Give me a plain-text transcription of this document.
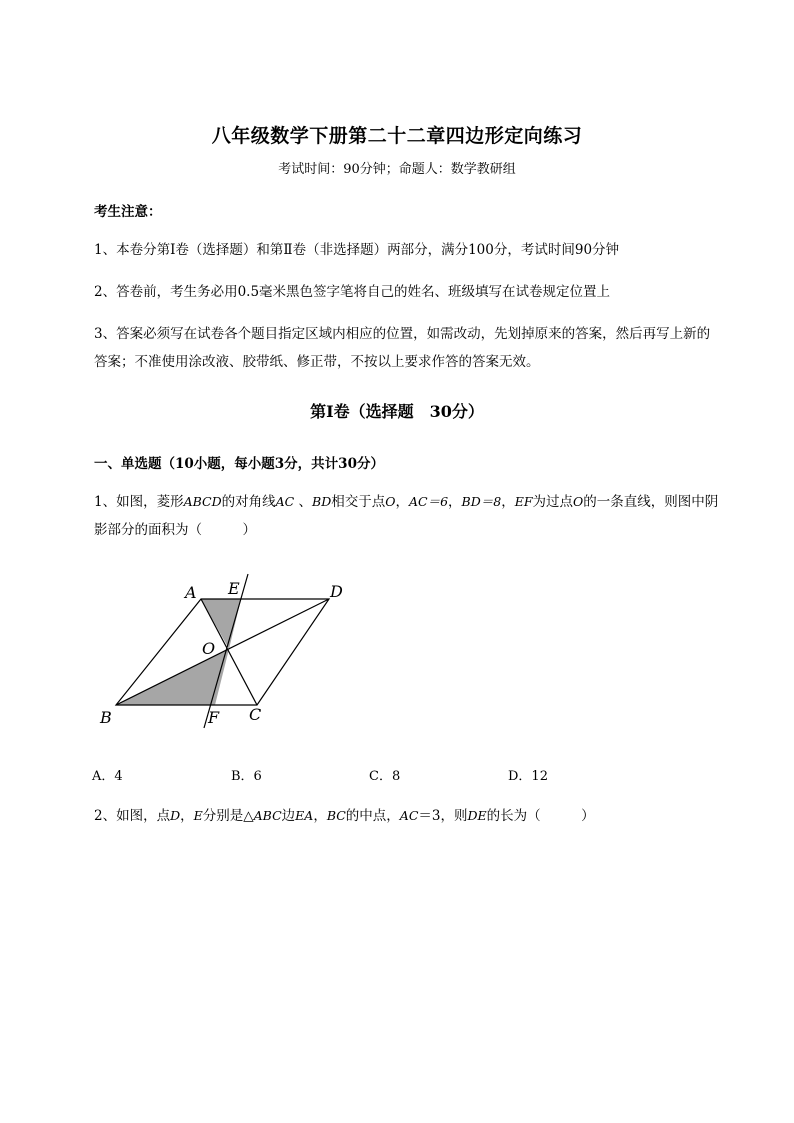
八年级数学下册第二十二章四边形定向练习
考试时间：90分钟；命题人：数学教研组
考生注意：
1、本卷分第I卷（选择题）和第Ⅱ卷（非选择题）两部分，满分100分，考试时间90分钟
2、答卷前，考生务必用0.5毫米黑色签字笔将自己的姓名、班级填写在试卷规定位置上
3、答案必须写在试卷各个题目指定区域内相应的位置，如需改动，先划掉原来的答案，然后再写上新的答案；不准使用涂改液、胶带纸、修正带，不按以上要求作答的答案无效。
第I卷（选择题　30分）
一、单选题（10小题，每小题3分，共计30分）
1、如图，菱形ABCD的对角线AC 、BD相交于点O，AC＝6，BD＝8，EF为过点O的一条直线，则图中阴影部分的面积为（　　　）
A E	D
O
B	F C
A．4	B．6	C．8	D．12
2、如图，点D，E分别是△ABC边EA，BC的中点，AC＝3，则DE的长为（　　　）
